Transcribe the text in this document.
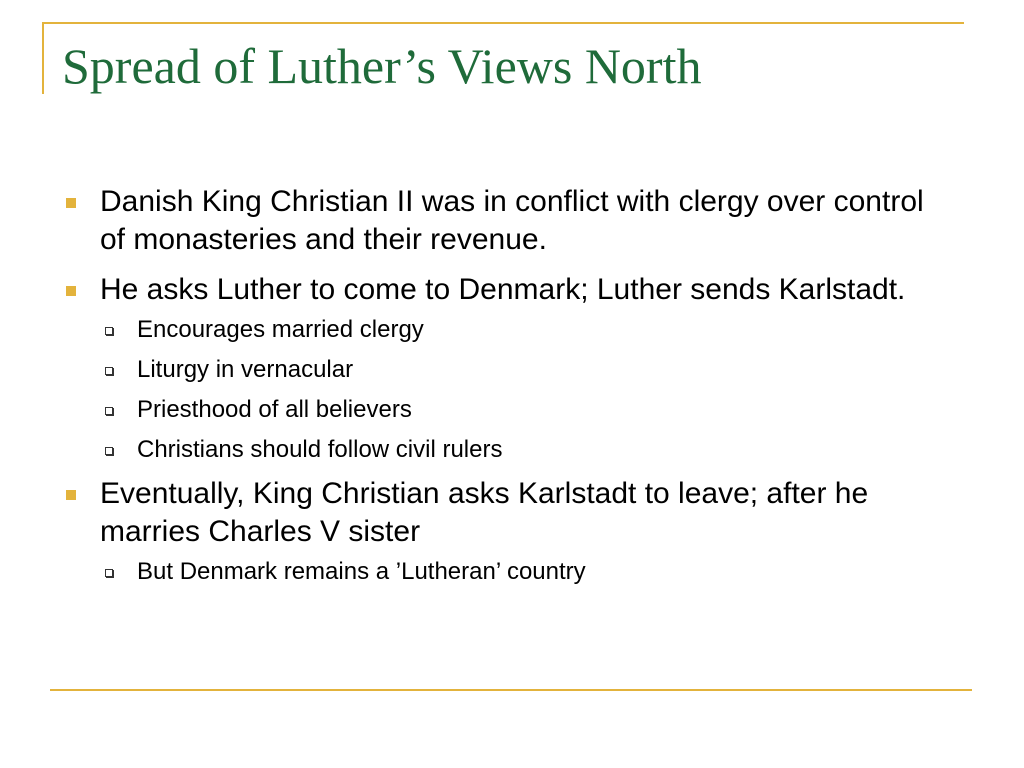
Spread of Luther’s Views North
Danish King Christian II was in conflict with clergy over control of monasteries and their revenue.
He asks Luther to come to Denmark; Luther sends Karlstadt.
Encourages married clergy
Liturgy in vernacular
Priesthood of all believers
Christians should follow civil rulers
Eventually, King Christian asks Karlstadt to leave; after he marries Charles V sister
But Denmark remains a ’Lutheran’ country
